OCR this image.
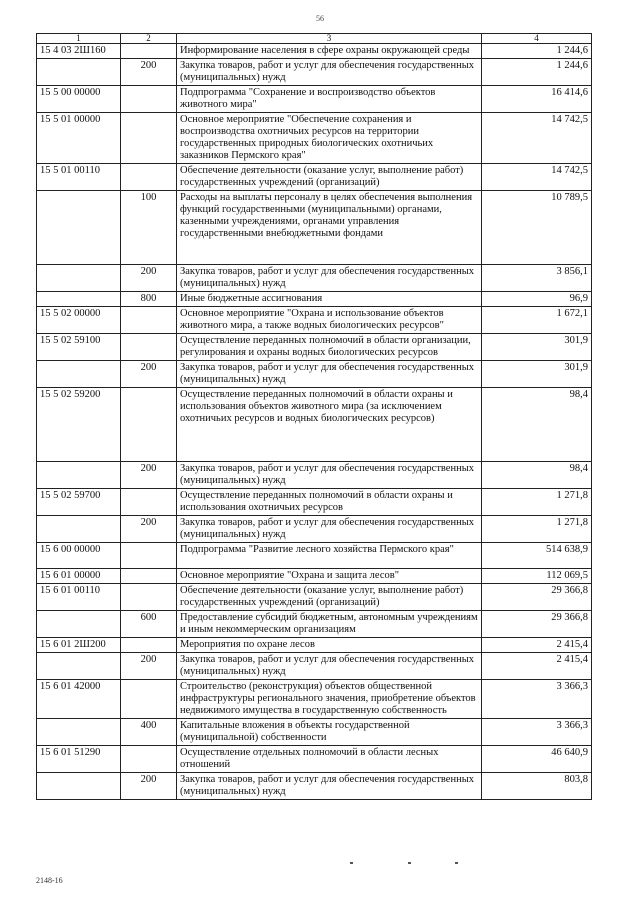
56
1	2	3	4
15 4 03 2Ш160		Информирование населения в сфере охраны окружающей среды	1 244,6
	200	Закупка товаров, работ и услуг для обеспечения государственных (муниципальных) нужд	1 244,6
15 5 00 00000		Подпрограмма "Сохранение и воспроизводство объектов животного мира"	16 414,6
15 5 01 00000		Основное мероприятие "Обеспечение сохранения и воспроизводства охотничьих ресурсов на территории государственных природных биологических охотничьих заказников Пермского края"	14 742,5
15 5 01 00110		Обеспечение деятельности (оказание услуг, выполнение работ) государственных учреждений (организаций)	14 742,5
	100	Расходы на выплаты персоналу в целях обеспечения выполнения функций государственными (муниципальными) органами, казенными учреждениями, органами управления государственными внебюджетными фондами	10 789,5
	200	Закупка товаров, работ и услуг для обеспечения государственных (муниципальных) нужд	3 856,1
	800	Иные бюджетные ассигнования	96,9
15 5 02 00000		Основное мероприятие "Охрана и использование объектов животного мира, а также водных биологических ресурсов"	1 672,1
15 5 02 59100		Осуществление переданных полномочий в области организации, регулирования и охраны водных биологических ресурсов	301,9
	200	Закупка товаров, работ и услуг для обеспечения государственных (муниципальных) нужд	301,9
15 5 02 59200		Осуществление переданных полномочий в области охраны и использования объектов животного мира (за исключением охотничьих ресурсов и водных биологических ресурсов)	98,4
	200	Закупка товаров, работ и услуг для обеспечения государственных (муниципальных) нужд	98,4
15 5 02 59700		Осуществление переданных полномочий в области охраны и использования охотничьих ресурсов	1 271,8
	200	Закупка товаров, работ и услуг для обеспечения государственных (муниципальных) нужд	1 271,8
15 6 00 00000		Подпрограмма "Развитие лесного хозяйства Пермского края"	514 638,9
15 6 01 00000		Основное мероприятие "Охрана и защита лесов"	112 069,5
15 6 01 00110		Обеспечение деятельности (оказание услуг, выполнение работ) государственных учреждений (организаций)	29 366,8
	600	Предоставление субсидий бюджетным, автономным учреждениям и иным некоммерческим организациям	29 366,8
15 6 01 2Ш200		Мероприятия по охране лесов	2 415,4
	200	Закупка товаров, работ и услуг для обеспечения государственных (муниципальных) нужд	2 415,4
15 6 01 42000		Строительство (реконструкция) объектов общественной инфраструктуры регионального значения, приобретение объектов недвижимого имущества в государственную собственность	3 366,3
	400	Капитальные вложения в объекты государственной (муниципальной) собственности	3 366,3
15 6 01 51290		Осуществление отдельных полномочий в области лесных отношений	46 640,9
	200	Закупка товаров, работ и услуг для обеспечения государственных (муниципальных) нужд	803,8
2148-16
